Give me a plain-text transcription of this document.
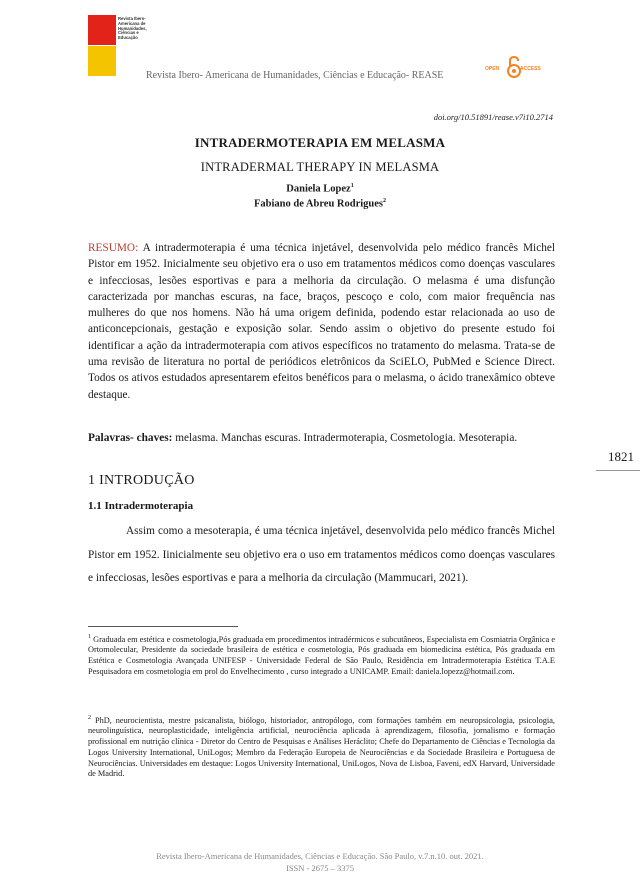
Revista Ibero-Americana de Humanidades, Ciências e Educação
Revista Ibero- Americana de Humanidades, Ciências e Educação- REASE
OPEN	ACCESS
doi.org/10.51891/rease.v7i10.2714
INTRADERMOTERAPIA EM MELASMA
INTRADERMAL THERAPY IN MELASMA
Daniela Lopez$^1$
Fabiano de Abreu Rodrigues$^2$
RESUMO: A intradermoterapia é uma técnica injetável, desenvolvida pelo médico francês Michel Pistor em 1952. Inicialmente seu objetivo era o uso em tratamentos médicos como doenças vasculares e infecciosas, lesões esportivas e para a melhoria da circulação. O melasma é uma disfunção caracterizada por manchas escuras, na face, braços, pescoço e colo, com maior frequência nas mulheres do que nos homens. Não há uma origem definida, podendo estar relacionada ao uso de anticoncepcionais, gestação e exposição solar. Sendo assim o objetivo do presente estudo foi identificar a ação da intradermoterapia com ativos específicos no tratamento do melasma. Trata-se de uma revisão de literatura no portal de periódicos eletrônicos da SciELO, PubMed e Science Direct. Todos os ativos estudados apresentarem efeitos benéficos para o melasma, o ácido tranexâmico obteve destaque.
Palavras- chaves: melasma. Manchas escuras. Intradermoterapia, Cosmetologia. Mesoterapia.
1821
1 INTRODUÇÃO
1.1 Intradermoterapia
Assim como a mesoterapia, é uma técnica injetável, desenvolvida pelo médico francês Michel Pistor em 1952. Iinicialmente seu objetivo era o uso em tratamentos médicos como doenças vasculares e infecciosas, lesões esportivas e para a melhoria da circulação (Mammucari, 2021).
$^1$ Graduada em estética e cosmetologia,Pós graduada em procedimentos intradérmicos e subcutâneos, Especialista em Cosmiatria Orgânica e Ortomolecular, Presidente da sociedade brasileira de estética e cosmetologia, Pós graduada em biomedicina estética, Pós graduada em Estética e Cosmetologia Avançada UNIFESP - Universidade Federal de São Paulo, Residência em Intradermoterapia Estética T.A.E Pesquisadora em cosmetologia em prol do Envelhecimento , curso integrado a UNICAMP. Email: daniela.lopezz@hotmail.com.
$^2$ PhD, neurocientista, mestre psicanalista, biólogo, historiador, antropólogo, com formações também em neuropsicologia, psicologia, neurolinguística, neuroplasticidade, inteligência artificial, neurociência aplicada à aprendizagem, filosofia, jornalismo e formação profissional em nutrição clínica - Diretor do Centro de Pesquisas e Análises Heráclito; Chefe do Departamento de Ciências e Tecnologia da Logos University International, UniLogos; Membro da Federação Europeia de Neurociências e da Sociedade Brasileira e Portuguesa de Neurociências. Universidades em destaque: Logos University International, UniLogos, Nova de Lisboa, Faveni, edX Harvard, Universidade de Madrid.
Revista Ibero-Americana de Humanidades, Ciências e Educação. São Paulo, v.7.n.10. out. 2021.
ISSN - 2675 – 3375
